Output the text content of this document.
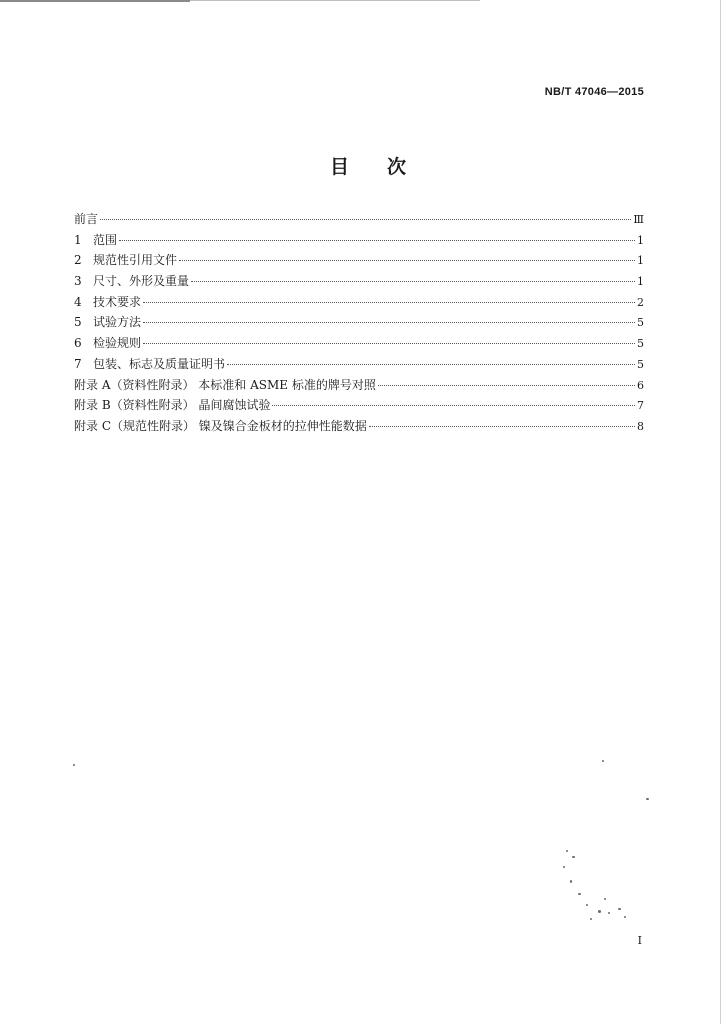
NB/T 47046—2015
目次
前言	Ⅲ
1 范围	1
2 规范性引用文件	1
3 尺寸、外形及重量	1
4 技术要求	2
5 试验方法	5
6 检验规则	5
7 包装、标志及质量证明书	5
附录 A（资料性附录） 本标准和 ASME 标准的牌号对照	6
附录 B（资料性附录） 晶间腐蚀试验	7
附录 C（规范性附录） 镍及镍合金板材的拉伸性能数据	8
I
